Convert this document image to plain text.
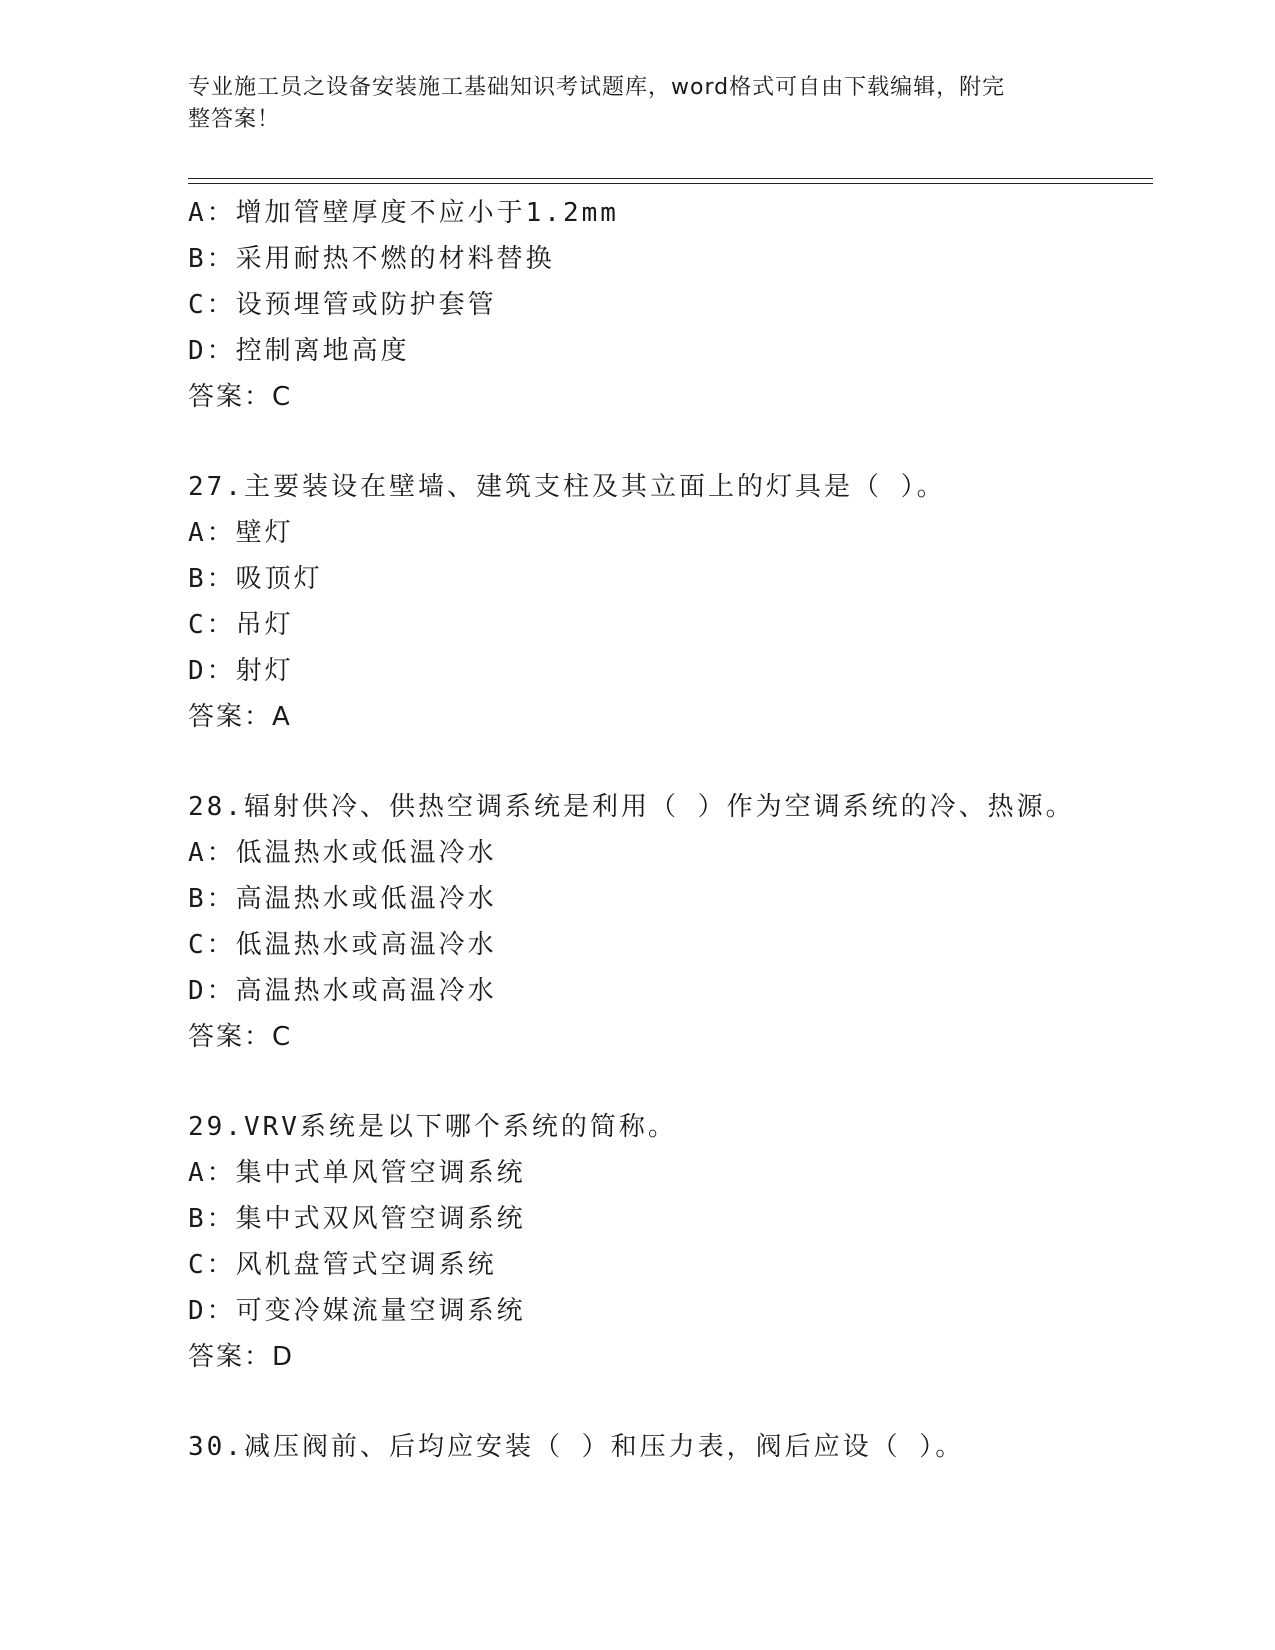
专业施工员之设备安装施工基础知识考试题库，word格式可自由下载编辑，附完
整答案！
A：增加管壁厚度不应小于1.2mm
B：采用耐热不燃的材料替换
C：设预埋管或防护套管
D：控制离地高度
答案：C
27.主要装设在壁墙、建筑支柱及其立面上的灯具是（ ）。
A：壁灯
B：吸顶灯
C：吊灯
D：射灯
答案：A
28.辐射供冷、供热空调系统是利用（ ）作为空调系统的冷、热源。
A：低温热水或低温冷水
B：高温热水或低温冷水
C：低温热水或高温冷水
D：高温热水或高温冷水
答案：C
29.VRV系统是以下哪个系统的简称。
A：集中式单风管空调系统
B：集中式双风管空调系统
C：风机盘管式空调系统
D：可变冷媒流量空调系统
答案：D
30.减压阀前、后均应安装（ ）和压力表，阀后应设（ ）。
